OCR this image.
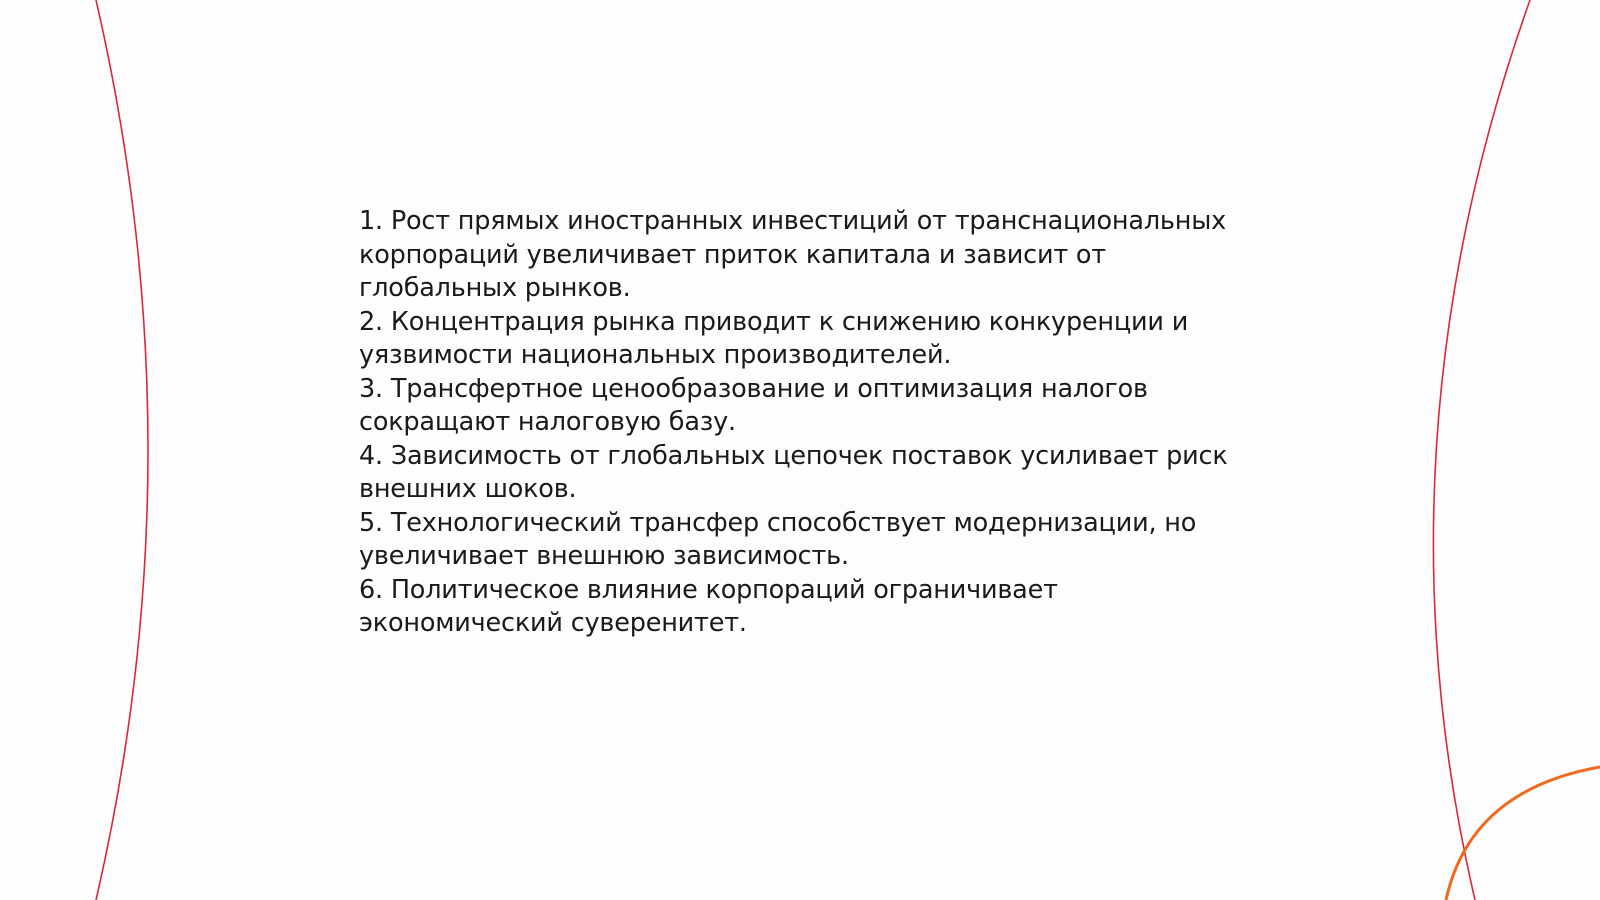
1. Рост прямых иностранных инвестиций от транснациональных корпораций увеличивает приток капитала и зависит от глобальных рынков.

2. Концентрация рынка приводит к снижению конкуренции и уязвимости национальных производителей.

3. Трансфертное ценообразование и оптимизация налогов сокращают налоговую базу.

4. Зависимость от глобальных цепочек поставок усиливает риск внешних шоков.

5. Технологический трансфер способствует модернизации, но увеличивает внешнюю зависимость.

6. Политическое влияние корпораций ограничивает экономический суверенитет.
